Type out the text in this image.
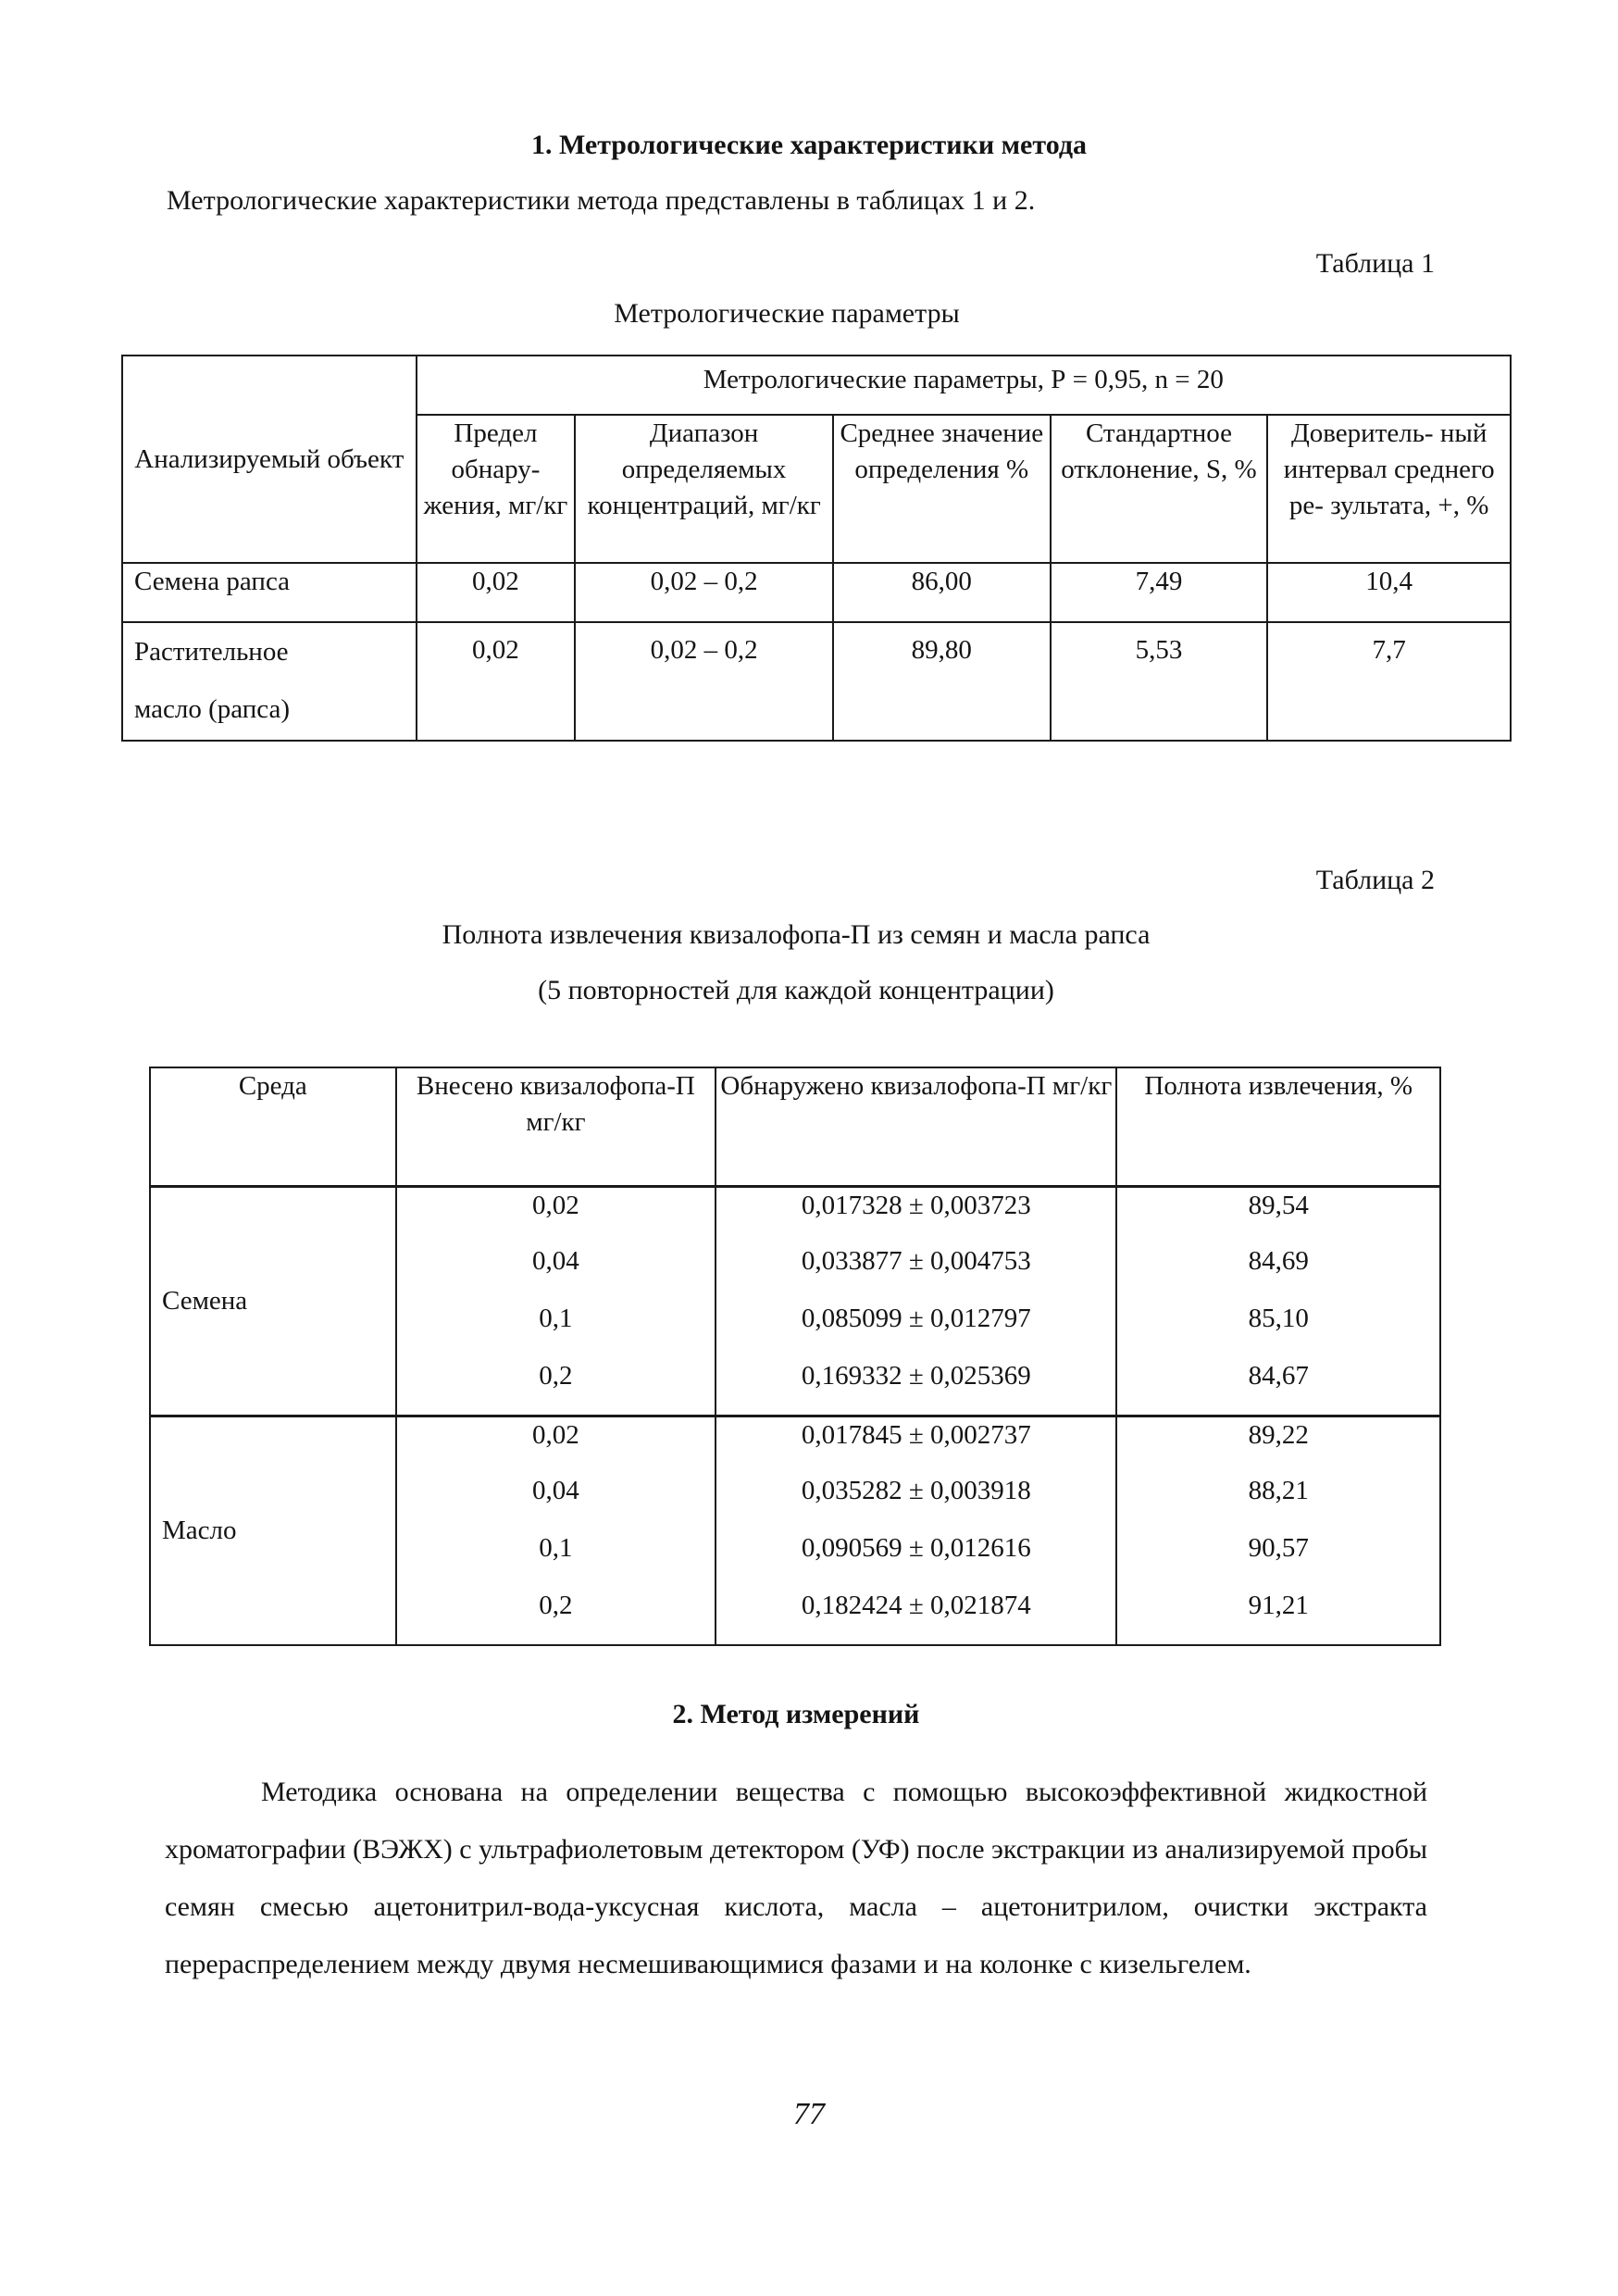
1. Метрологические характеристики метода
Метрологические характеристики метода представлены в таблицах 1 и 2.
Таблица 1
Метрологические параметры
Анализируемый объект	Метрологические параметры, Р = 0,95, n = 20				
	Предел обнару- жения, мг/кг	Диапазон определяемых концентраций, мг/кг	Среднее значение определения %	Стандартное отклонение, S, %	Доверитель- ный интервал среднего ре- зультата, +, %
Семена рапса	0,02	0,02 – 0,2	86,00	7,49	10,4

Растительное
масло (рапса)	0,02	0,02 – 0,2	89,80	5,53	7,7
Таблица 2
Полнота извлечения квизалофопа-П из семян и масла рапса
(5 повторностей для каждой концентрации)
Среда	Внесено квизалофопа-П мг/кг	Обнаружено квизалофопа-П мг/кг	Полнота извлечения, %
Семена	0,02	0,017328 ± 0,003723	89,54
	0,04	0,033877 ± 0,004753	84,69
	0,1	0,085099 ± 0,012797	85,10
	0,2	0,169332 ± 0,025369	84,67
Масло	0,02	0,017845 ± 0,002737	89,22
	0,04	0,035282 ± 0,003918	88,21
	0,1	0,090569 ± 0,012616	90,57
	0,2	0,182424 ± 0,021874	91,21
2. Метод измерений
Методика основана на определении вещества с помощью высокоэффективной жидкостной хроматографии (ВЭЖХ) с ультрафиолетовым детектором (УФ) после экстракции из анализируемой пробы семян смесью ацетонитрил-вода-уксусная кислота, масла – ацетонитрилом, очистки экстракта перераспределением между двумя несмешивающимися фазами и на колонке с кизельгелем.
77
